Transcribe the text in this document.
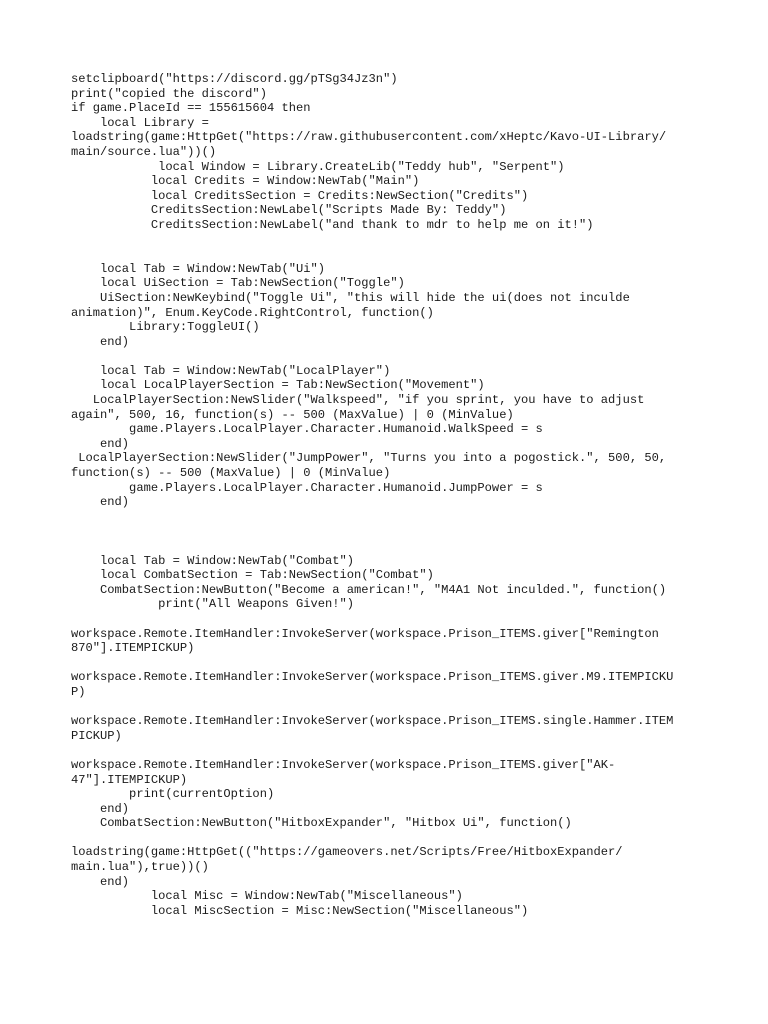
setclipboard("https://discord.gg/pTSg34Jz3n")
print("copied the discord")
if game.PlaceId == 155615604 then
local Library =
loadstring(game:HttpGet("https://raw.githubusercontent.com/xHeptc/Kavo-UI-Library/
main/source.lua"))()
local Window = Library.CreateLib("Teddy hub", "Serpent")
local Credits = Window:NewTab("Main")
local CreditsSection = Credits:NewSection("Credits")
CreditsSection:NewLabel("Scripts Made By: Teddy")
CreditsSection:NewLabel("and thank to mdr to help me on it!")
local Tab = Window:NewTab("Ui")
local UiSection = Tab:NewSection("Toggle")
UiSection:NewKeybind("Toggle Ui", "this will hide the ui(does not inculde
animation)", Enum.KeyCode.RightControl, function()
Library:ToggleUI()
end)
local Tab = Window:NewTab("LocalPlayer")
local LocalPlayerSection = Tab:NewSection("Movement")
LocalPlayerSection:NewSlider("Walkspeed", "if you sprint, you have to adjust
again", 500, 16, function(s) -- 500 (MaxValue) | 0 (MinValue)
game.Players.LocalPlayer.Character.Humanoid.WalkSpeed = s
end)
LocalPlayerSection:NewSlider("JumpPower", "Turns you into a pogostick.", 500, 50,
function(s) -- 500 (MaxValue) | 0 (MinValue)
game.Players.LocalPlayer.Character.Humanoid.JumpPower = s
end)
local Tab = Window:NewTab("Combat")
local CombatSection = Tab:NewSection("Combat")
CombatSection:NewButton("Become a american!", "M4A1 Not inculded.", function()
print("All Weapons Given!")
workspace.Remote.ItemHandler:InvokeServer(workspace.Prison_ITEMS.giver["Remington
870"].ITEMPICKUP)
workspace.Remote.ItemHandler:InvokeServer(workspace.Prison_ITEMS.giver.M9.ITEMPICKU
P)
workspace.Remote.ItemHandler:InvokeServer(workspace.Prison_ITEMS.single.Hammer.ITEM
PICKUP)
workspace.Remote.ItemHandler:InvokeServer(workspace.Prison_ITEMS.giver["AK-
47"].ITEMPICKUP)
print(currentOption)
end)
CombatSection:NewButton("HitboxExpander", "Hitbox Ui", function()
loadstring(game:HttpGet(("https://gameovers.net/Scripts/Free/HitboxExpander/
main.lua"),true))()
end)
local Misc = Window:NewTab("Miscellaneous")
local MiscSection = Misc:NewSection("Miscellaneous")
